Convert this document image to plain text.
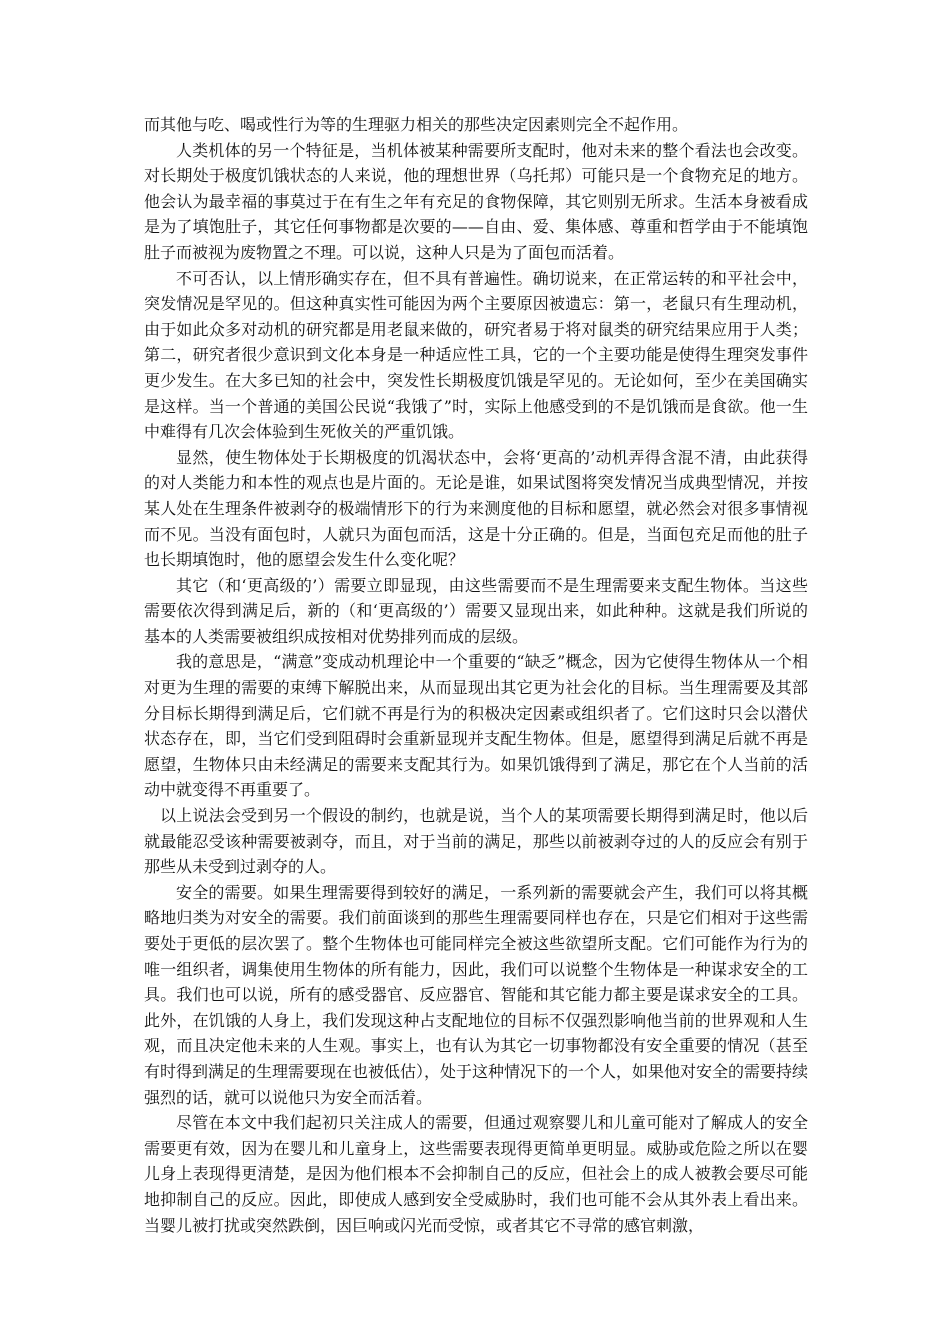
而其他与吃、喝或性行为等的生理驱力相关的那些决定因素则完全不起作用。

人类机体的另一个特征是，当机体被某种需要所支配时，他对未来的整个看法也会改变。对长期处于极度饥饿状态的人来说，他的理想世界（乌托邦）可能只是一个食物充足的地方。他会认为最幸福的事莫过于在有生之年有充足的食物保障，其它则别无所求。生活本身被看成是为了填饱肚子，其它任何事物都是次要的——自由、爱、集体感、尊重和哲学由于不能填饱肚子而被视为废物置之不理。可以说，这种人只是为了面包而活着。

不可否认，以上情形确实存在，但不具有普遍性。确切说来，在正常运转的和平社会中，突发情况是罕见的。但这种真实性可能因为两个主要原因被遗忘：第一，老鼠只有生理动机，由于如此众多对动机的研究都是用老鼠来做的，研究者易于将对鼠类的研究结果应用于人类；第二，研究者很少意识到文化本身是一种适应性工具，它的一个主要功能是使得生理突发事件更少发生。在大多已知的社会中，突发性长期极度饥饿是罕见的。无论如何，至少在美国确实是这样。当一个普通的美国公民说“我饿了”时，实际上他感受到的不是饥饿而是食欲。他一生中难得有几次会体验到生死攸关的严重饥饿。

显然，使生物体处于长期极度的饥渴状态中，会将‘更高的’动机弄得含混不清，由此获得的对人类能力和本性的观点也是片面的。无论是谁，如果试图将突发情况当成典型情况，并按某人处在生理条件被剥夺的极端情形下的行为来测度他的目标和愿望，就必然会对很多事情视而不见。当没有面包时，人就只为面包而活，这是十分正确的。但是，当面包充足而他的肚子也长期填饱时，他的愿望会发生什么变化呢？

其它（和‘更高级的’）需要立即显现，由这些需要而不是生理需要来支配生物体。当这些需要依次得到满足后，新的（和‘更高级的’）需要又显现出来，如此种种。这就是我们所说的基本的人类需要被组织成按相对优势排列而成的层级。

我的意思是，“满意”变成动机理论中一个重要的“缺乏”概念，因为它使得生物体从一个相对更为生理的需要的束缚下解脱出来，从而显现出其它更为社会化的目标。当生理需要及其部分目标长期得到满足后，它们就不再是行为的积极决定因素或组织者了。它们这时只会以潜伏状态存在，即，当它们受到阻碍时会重新显现并支配生物体。但是，愿望得到满足后就不再是愿望，生物体只由未经满足的需要来支配其行为。如果饥饿得到了满足，那它在个人当前的活动中就变得不再重要了。

以上说法会受到另一个假设的制约，也就是说，当个人的某项需要长期得到满足时，他以后就最能忍受该种需要被剥夺，而且，对于当前的满足，那些以前被剥夺过的人的反应会有别于那些从未受到过剥夺的人。

安全的需要。如果生理需要得到较好的满足，一系列新的需要就会产生，我们可以将其概略地归类为对安全的需要。我们前面谈到的那些生理需要同样也存在，只是它们相对于这些需要处于更低的层次罢了。整个生物体也可能同样完全被这些欲望所支配。它们可能作为行为的唯一组织者，调集使用生物体的所有能力，因此，我们可以说整个生物体是一种谋求安全的工具。我们也可以说，所有的感受器官、反应器官、智能和其它能力都主要是谋求安全的工具。此外，在饥饿的人身上，我们发现这种占支配地位的目标不仅强烈影响他当前的世界观和人生观，而且决定他未来的人生观。事实上，也有认为其它一切事物都没有安全重要的情况（甚至有时得到满足的生理需要现在也被低估），处于这种情况下的一个人，如果他对安全的需要持续强烈的话，就可以说他只为安全而活着。

尽管在本文中我们起初只关注成人的需要，但通过观察婴儿和儿童可能对了解成人的安全需要更有效，因为在婴儿和儿童身上，这些需要表现得更简单更明显。威胁或危险之所以在婴儿身上表现得更清楚，是因为他们根本不会抑制自己的反应，但社会上的成人被教会要尽可能地抑制自己的反应。因此，即使成人感到安全受威胁时，我们也可能不会从其外表上看出来。当婴儿被打扰或突然跌倒，因巨响或闪光而受惊，或者其它不寻常的感官刺激，
